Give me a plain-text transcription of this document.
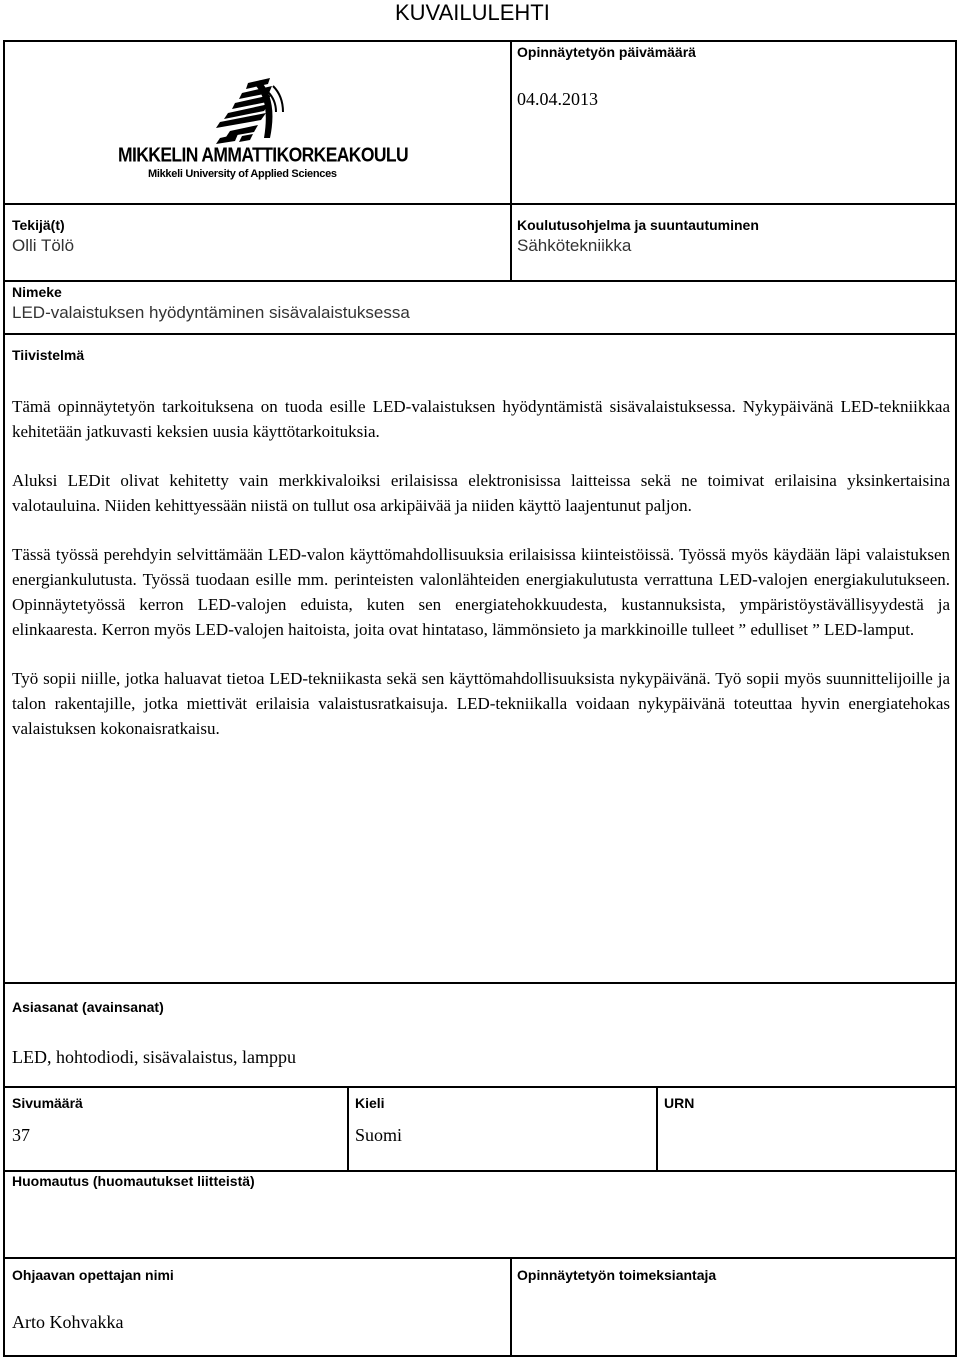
KUVAILULEHTI
MIKKELIN AMMATTIKORKEAKOULU
Mikkeli University of Applied Sciences
Opinnäytetyön päivämäärä
04.04.2013
Tekijä(t)
Olli Tölö
Koulutusohjelma ja suuntautuminen
Sähkötekniikka
Nimeke
LED-valaistuksen hyödyntäminen sisävalaistuksessa
Tiivistelmä

Tämä opinnäytetyön tarkoituksena on tuoda esille LED-valaistuksen hyödyntämistä sisävalaistuksessa. Nykypäivänä LED-tekniikkaa kehitetään jatkuvasti keksien uusia käyttötarkoituksia.

Aluksi LEDit olivat kehitetty vain merkkivaloiksi erilaisissa elektronisissa laitteissa sekä ne toimivat erilaisina yksinkertaisina valotauluina. Niiden kehittyessään niistä on tullut osa arkipäivää ja niiden käyttö laajentunut paljon.

Tässä työssä perehdyin selvittämään LED-valon käyttömahdollisuuksia erilaisissa kiinteistöissä. Työssä myös käydään läpi valaistuksen energiankulutusta. Työssä tuodaan esille mm. perinteisten valonlähteiden energiakulutusta verrattuna LED-valojen energiakulutukseen. Opinnäytetyössä kerron LED-valojen eduista, kuten sen energiatehokkuudesta, kustannuksista, ympäristöystävällisyydestä ja elinkaaresta. Kerron myös LED-valojen haitoista, joita ovat hintataso, lämmönsieto ja markkinoille tulleet ” edulliset ” LED-lamput.

Työ sopii niille, jotka haluavat tietoa LED-tekniikasta sekä sen käyttömahdollisuuksista nykypäivänä. Työ sopii myös suunnittelijoille ja talon rakentajille, jotka miettivät erilaisia valaistusratkaisuja. LED-tekniikalla voidaan nykypäivänä toteuttaa hyvin energiatehokas valaistuksen kokonaisratkaisu.

Asiasanat (avainsanat)
LED, hohtodiodi, sisävalaistus, lamppu
Sivumäärä
37
Kieli
Suomi
URN
Huomautus (huomautukset liitteistä)
Ohjaavan opettajan nimi
Arto Kohvakka
Opinnäytetyön toimeksiantaja
